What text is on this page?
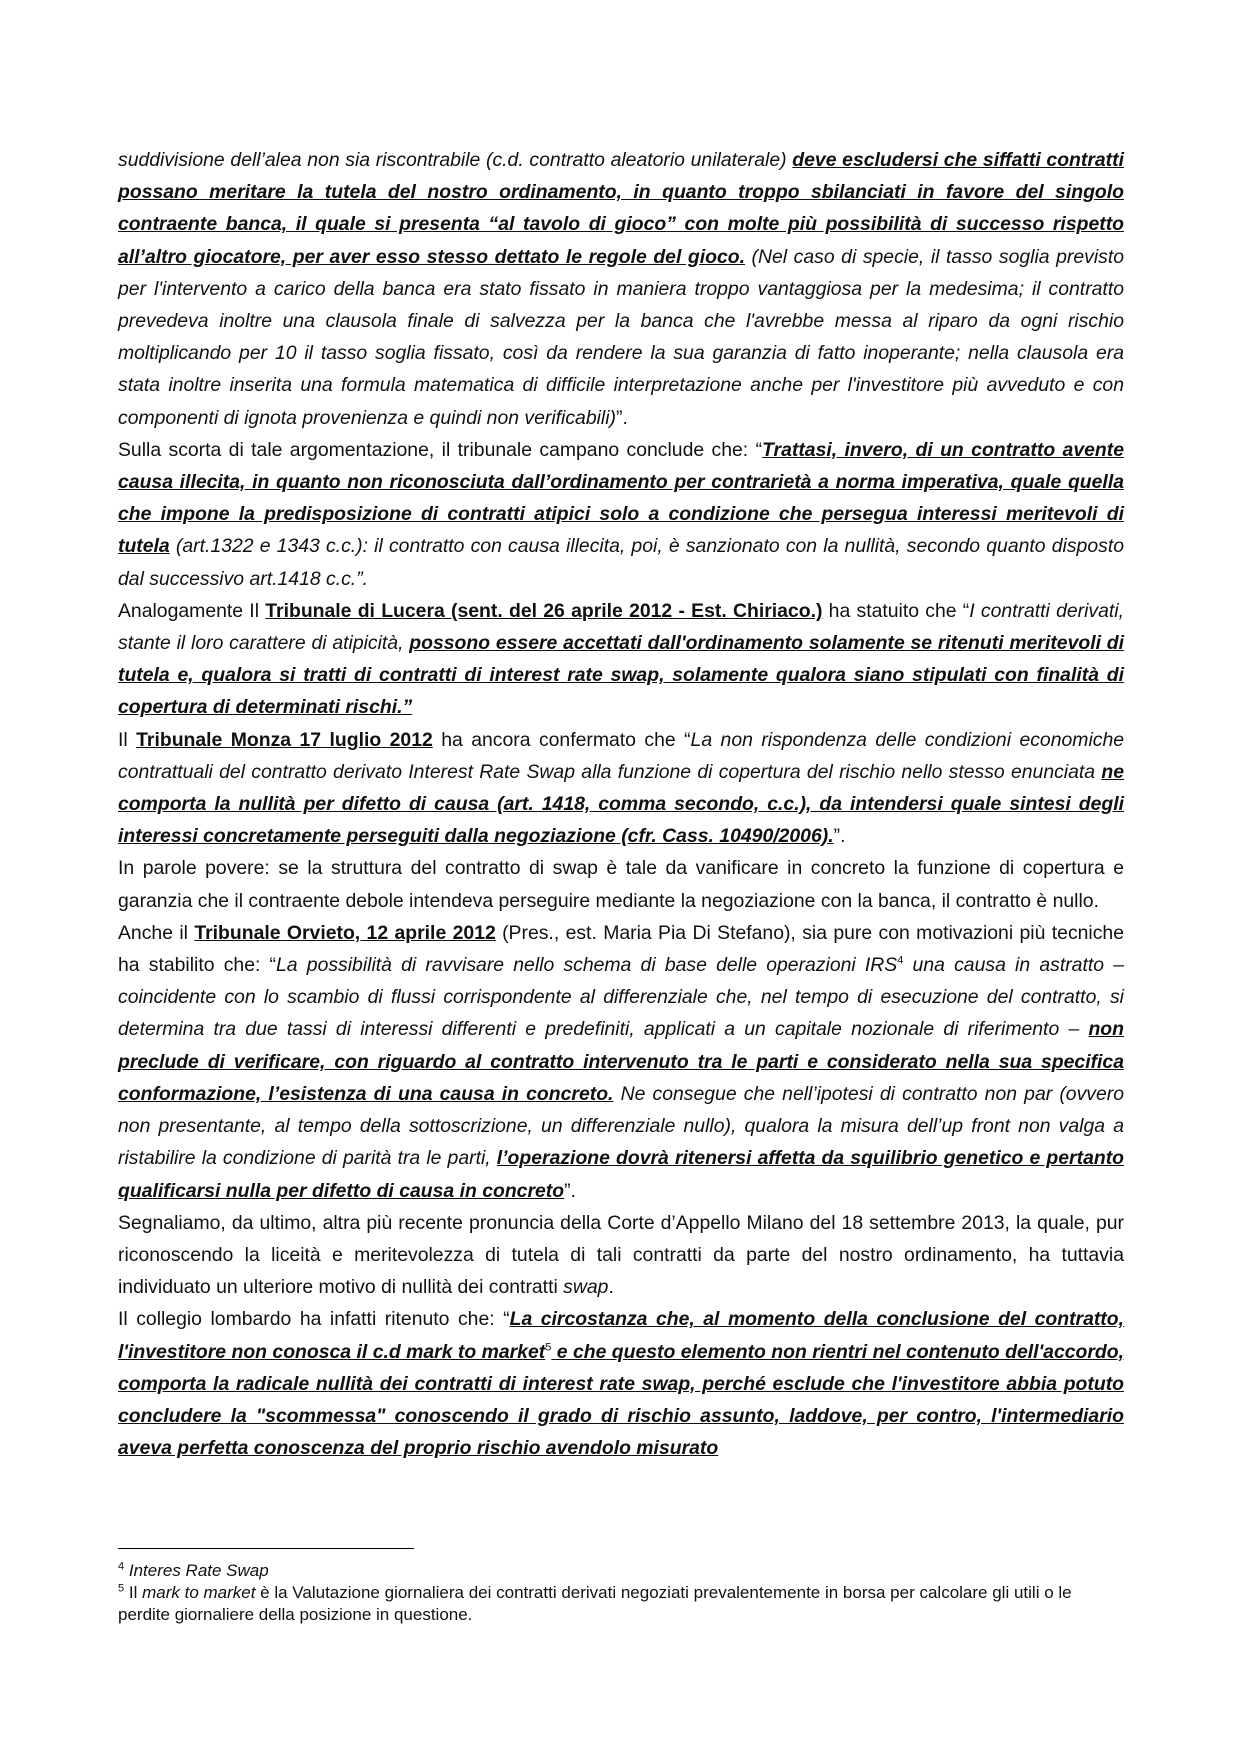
suddivisione dell’alea non sia riscontrabile (c.d. contratto aleatorio unilaterale) deve escludersi che siffatti contratti possano meritare la tutela del nostro ordinamento, in quanto troppo sbilanciati in favore del singolo contraente banca, il quale si presenta “al tavolo di gioco” con molte più possibilità di successo rispetto all’altro giocatore, per aver esso stesso dettato le regole del gioco. (Nel caso di specie, il tasso soglia previsto per l'intervento a carico della banca era stato fissato in maniera troppo vantaggiosa per la medesima; il contratto prevedeva inoltre una clausola finale di salvezza per la banca che l'avrebbe messa al riparo da ogni rischio moltiplicando per 10 il tasso soglia fissato, così da rendere la sua garanzia di fatto inoperante; nella clausola era stata inoltre inserita una formula matematica di difficile interpretazione anche per l'investitore più avveduto e con componenti di ignota provenienza e quindi non verificabili)”.

Sulla scorta di tale argomentazione, il tribunale campano conclude che: “Trattasi, invero, di un contratto avente causa illecita, in quanto non riconosciuta dall’ordinamento per contrarietà a norma imperativa, quale quella che impone la predisposizione di contratti atipici solo a condizione che persegua interessi meritevoli di tutela (art.1322 e 1343 c.c.): il contratto con causa illecita, poi, è sanzionato con la nullità, secondo quanto disposto dal successivo art.1418 c.c.”.

Analogamente Il Tribunale di Lucera (sent. del 26 aprile 2012 - Est. Chiriaco.) ha statuito che “I contratti derivati, stante il loro carattere di atipicità, possono essere accettati dall'ordinamento solamente se ritenuti meritevoli di tutela e, qualora si tratti di contratti di interest rate swap, solamente qualora siano stipulati con finalità di copertura di determinati rischi.”

Il Tribunale Monza 17 luglio 2012 ha ancora confermato che “La non rispondenza delle condizioni economiche contrattuali del contratto derivato Interest Rate Swap alla funzione di copertura del rischio nello stesso enunciata ne comporta la nullità per difetto di causa (art. 1418, comma secondo, c.c.), da intendersi quale sintesi degli interessi concretamente perseguiti dalla negoziazione (cfr. Cass. 10490/2006).”.

In parole povere: se la struttura del contratto di swap è tale da vanificare in concreto la funzione di copertura e garanzia che il contraente debole intendeva perseguire mediante la negoziazione con la banca, il contratto è nullo.

Anche il Tribunale Orvieto, 12 aprile 2012 (Pres., est. Maria Pia Di Stefano), sia pure con motivazioni più tecniche ha stabilito che: “La possibilità di ravvisare nello schema di base delle operazioni IRS$^4$ una causa in astratto – coincidente con lo scambio di flussi corrispondente al differenziale che, nel tempo di esecuzione del contratto, si determina tra due tassi di interessi differenti e predefiniti, applicati a un capitale nozionale di riferimento – non preclude di verificare, con riguardo al contratto intervenuto tra le parti e considerato nella sua specifica conformazione, l’esistenza di una causa in concreto. Ne consegue che nell’ipotesi di contratto non par (ovvero non presentante, al tempo della sottoscrizione, un differenziale nullo), qualora la misura dell’up front non valga a ristabilire la condizione di parità tra le parti, l’operazione dovrà ritenersi affetta da squilibrio genetico e pertanto qualificarsi nulla per difetto di causa in concreto”.

Segnaliamo, da ultimo, altra più recente pronuncia della Corte d’Appello Milano del 18 settembre 2013, la quale, pur riconoscendo la liceità e meritevolezza di tutela di tali contratti da parte del nostro ordinamento, ha tuttavia individuato un ulteriore motivo di nullità dei contratti swap.

Il collegio lombardo ha infatti ritenuto che: “La circostanza che, al momento della conclusione del contratto, l'investitore non conosca il c.d mark to market$^5$ e che questo elemento non rientri nel contenuto dell'accordo, comporta la radicale nullità dei contratti di interest rate swap, perché esclude che l'investitore abbia potuto concludere la "scommessa" conoscendo il grado di rischio assunto, laddove, per contro, l'intermediario aveva perfetta conoscenza del proprio rischio avendolo misurato

$^4$ Interes Rate Swap

$^5$ Il mark to market è la Valutazione giornaliera dei contratti derivati negoziati prevalentemente in borsa per calcolare gli utili o le perdite giornaliere della posizione in questione.
